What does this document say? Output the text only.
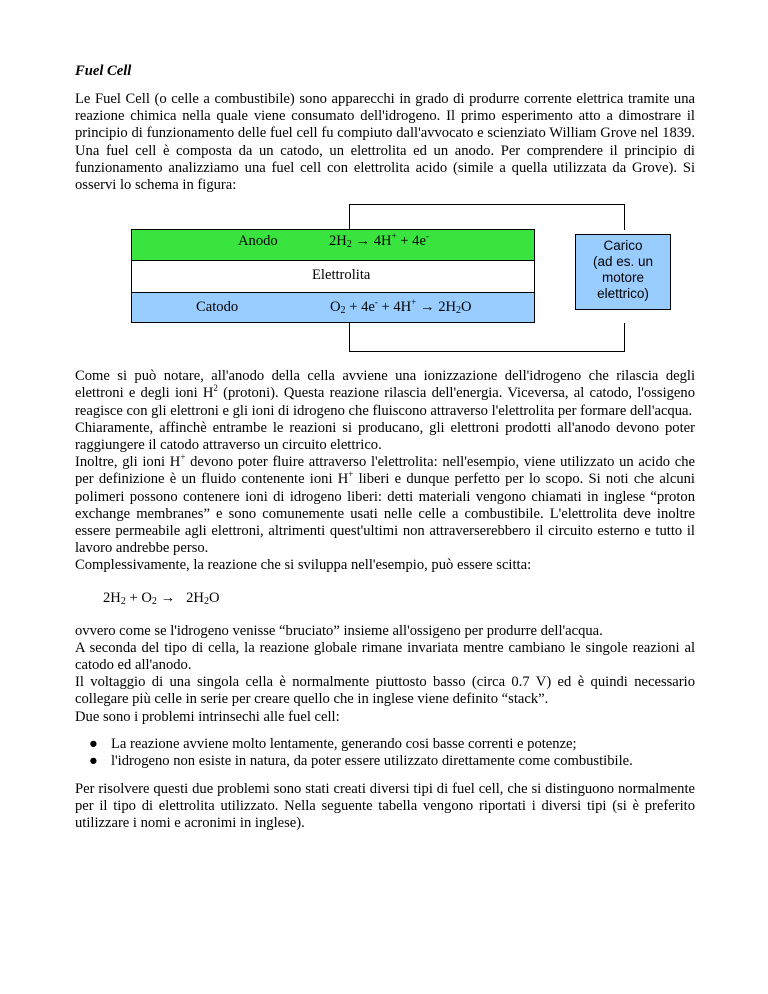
Fuel Cell

Le Fuel Cell (o celle a combustibile) sono apparecchi in grado di produrre corrente elettrica tramite una reazione chimica nella quale viene consumato dell'idrogeno. Il primo esperimento atto a dimostrare il principio di funzionamento delle fuel cell fu compiuto dall'avvocato e scienziato William Grove nel 1839. Una fuel cell è composta da un catodo, un elettrolita ed un anodo. Per comprendere il principio di funzionamento analizziamo una fuel cell con elettrolita acido (simile a quella utilizzata da Grove). Si osservi lo schema in figura:

Anodo	$2H_2 \to 4H^+ + 4e^-$
Elettrolita
Catodo	$O_2 + 4e^- + 4H^+ \to 2H_2O$
Carico
(ad es. un
motore
elettrico)

Come si può notare, all'anodo della cella avviene una ionizzazione dell'idrogeno che rilascia degli elettroni e degli ioni $H^2$ (protoni). Questa reazione rilascia dell'energia. Viceversa, al catodo, l'ossigeno reagisce con gli elettroni e gli ioni di idrogeno che fluiscono attraverso l'elettrolita per formare dell'acqua.

Chiaramente, affinchè entrambe le reazioni si producano, gli elettroni prodotti all'anodo devono poter raggiungere il catodo attraverso un circuito elettrico.

Inoltre, gli ioni H+ devono poter fluire attraverso l'elettrolita: nell'esempio, viene utilizzato un acido che per definizione è un fluido contenente ioni H+ liberi e dunque perfetto per lo scopo. Si noti che alcuni polimeri possono contenere ioni di idrogeno liberi: detti materiali vengono chiamati in inglese “proton exchange membranes” e sono comunemente usati nelle celle a combustibile. L'elettrolita deve inoltre essere permeabile agli elettroni, altrimenti quest'ultimi non attraverserebbero il circuito esterno e tutto il lavoro andrebbe perso.

Complessivamente, la reazione che si sviluppa nell'esempio, può essere scitta:

$2H_2 + O_2 \to 2H_2O$

ovvero come se l'idrogeno venisse “bruciato” insieme all'ossigeno per produrre dell'acqua.

A seconda del tipo di cella, la reazione globale rimane invariata mentre cambiano le singole reazioni al catodo ed all'anodo.

Il voltaggio di una singola cella è normalmente piuttosto basso (circa 0.7 V) ed è quindi necessario collegare più celle in serie per creare quello che in inglese viene definito “stack”.

Due sono i problemi intrinsechi alle fuel cell:

● La reazione avviene molto lentamente, generando cosi basse correnti e potenze;
● l'idrogeno non esiste in natura, da poter essere utilizzato direttamente come combustibile.

Per risolvere questi due problemi sono stati creati diversi tipi di fuel cell, che si distinguono normalmente per il tipo di elettrolita utilizzato. Nella seguente tabella vengono riportati i diversi tipi (si è preferito utilizzare i nomi e acronimi in inglese).
